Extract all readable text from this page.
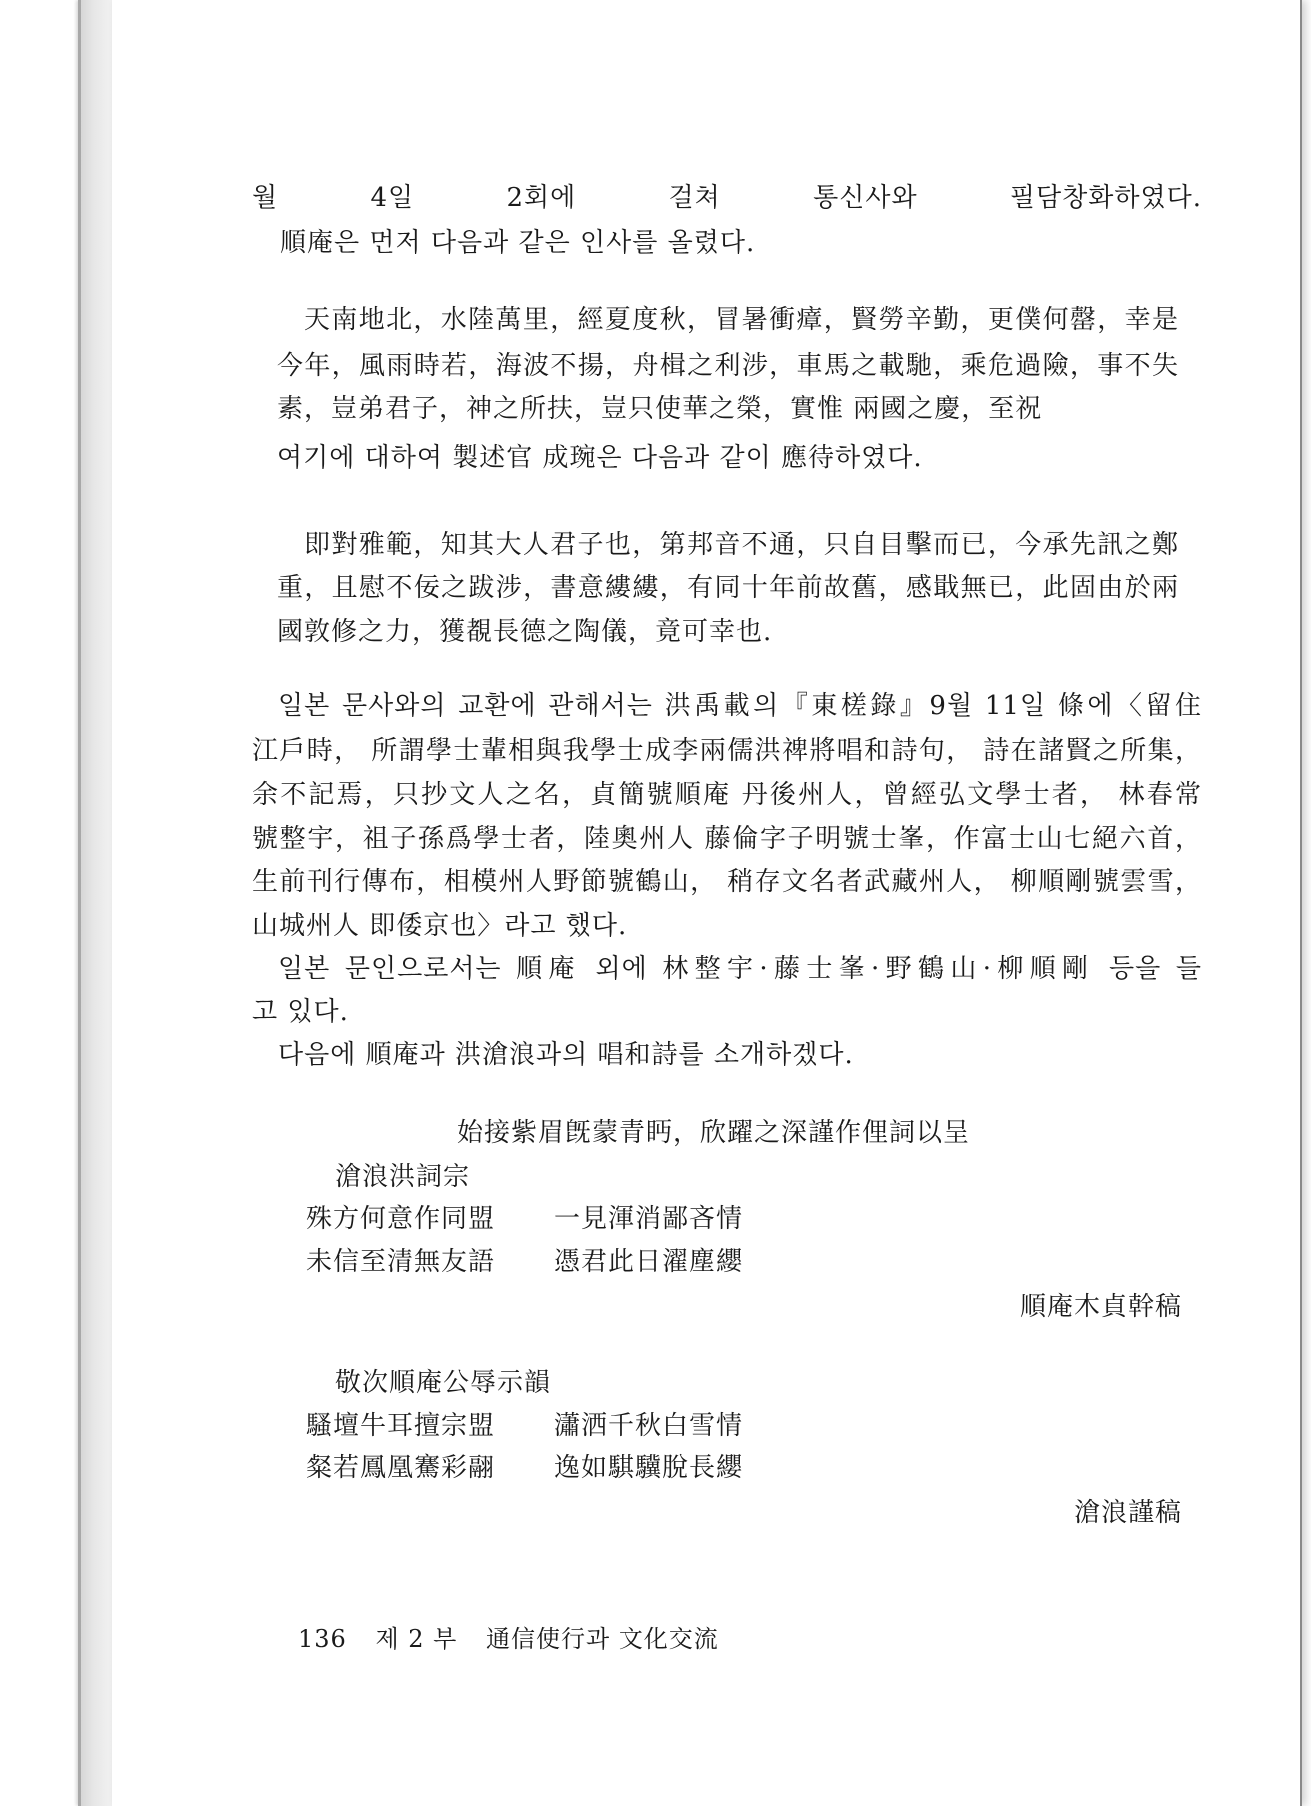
월 4일 2회에 걸쳐 통신사와 필담창화하였다.
順庵은 먼저 다음과 같은 인사를 올렸다.
天南地北，水陸萬里，經夏度秋，冒暑衝瘴，賢勞辛勤，更僕何罄，幸是
今年，風雨時若，海波不揚，舟楫之利涉，車馬之載馳，乘危過險，事不失
素，豈弟君子，神之所扶，豈只使華之榮，實惟 兩國之慶，至祝
여기에 대하여 製述官 成琬은 다음과 같이 應待하였다.
即對雅範，知其大人君子也，第邦音不通，只自目擊而已，今承先訊之鄭
重，且慰不佞之跋涉，書意縷縷，有同十年前故舊，感戢無已，此固由於兩
國敦修之力，獲覩長德之陶儀，竟可幸也.
일본 문사와의 교환에 관해서는 洪禹載의『東槎錄』9월 11일 條에〈留住
江戶時， 所謂學士輩相與我學士成李兩儒洪禆將唱和詩句， 詩在諸賢之所集，
余不記焉，只抄文人之名，貞簡號順庵 丹後州人，曾經弘文學士者， 林春常
號整宇，祖子孫爲學士者，陸奧州人 藤倫字子明號士峯，作富士山七絕六首，
生前刊行傳布，相模州人野節號鶴山， 稍存文名者武藏州人， 柳順剛號雲雪，
山城州人 即倭京也〉라고 했다.
일본 문인으로서는 順庵 외에 林整宇·藤士峯·野鶴山·柳順剛 등을 들
고 있다.
다음에 順庵과 洪滄浪과의 唱和詩를 소개하겠다.
始接紫眉旣蒙青眄，欣躍之深謹作俚詞以呈
滄浪洪詞宗
殊方何意作同盟 一見渾消鄙吝情
未信至清無友語 憑君此日濯塵纓
順庵木貞幹稿
敬次順庵公辱示韻
騷壇牛耳擅宗盟 瀟洒千秋白雪情
粲若鳳凰騫彩翮 逸如騏驥脫長纓
滄浪謹稿
136 제 2 부 通信使行과 文化交流
